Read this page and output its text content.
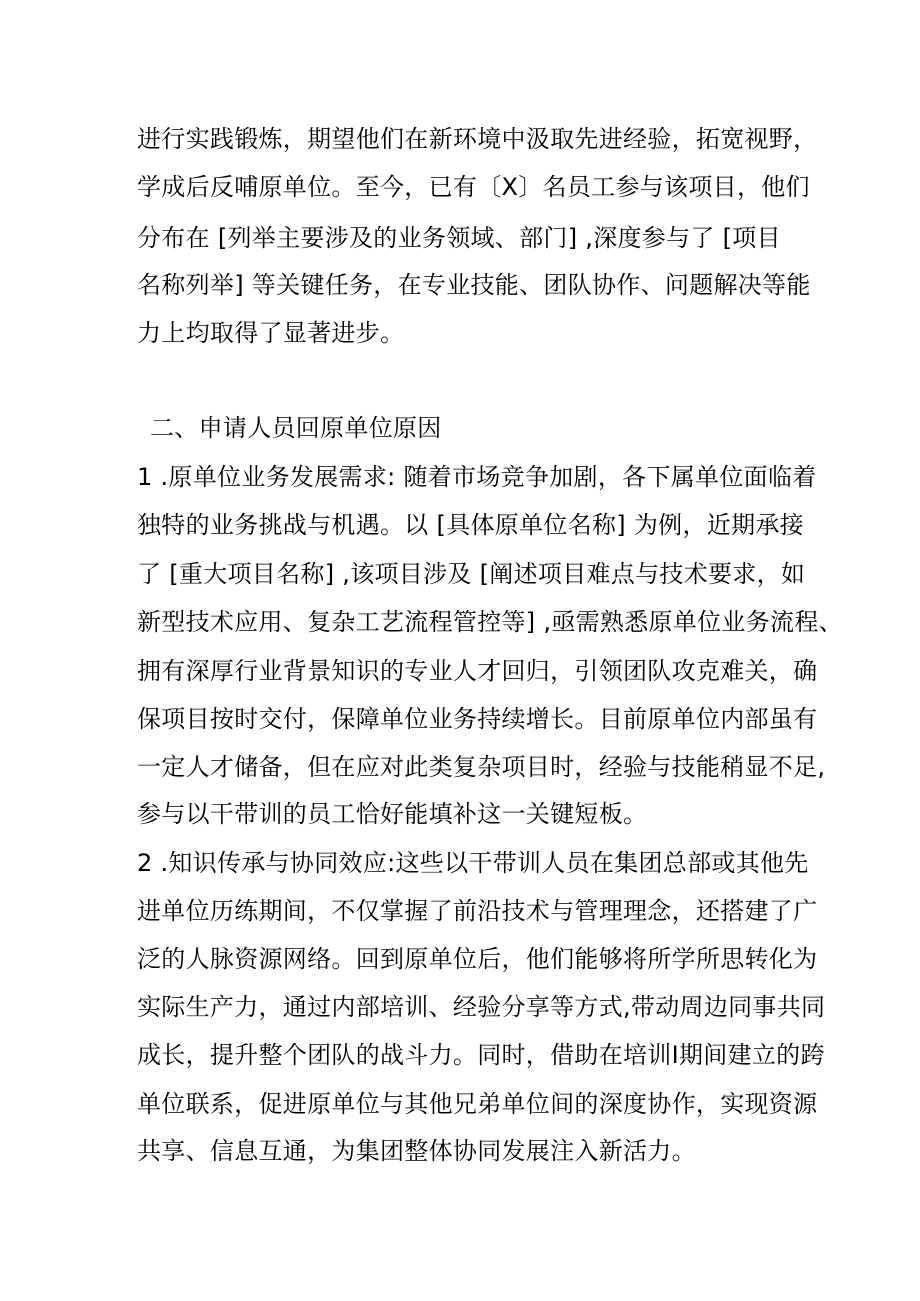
进行实践锻炼，期望他们在新环境中汲取先进经验，拓宽视野，
学成后反哺原单位。至今，已有〔X〕名员工参与该项目，他们
分布在 [列举主要涉及的业务领域、部门] ,深度参与了 [项目
名称列举] 等关键任务，在专业技能、团队协作、问题解决等能
力上均取得了显著进步。
二、申请人员回原单位原因
1 .原单位业务发展需求: 随着市场竞争加剧，各下属单位面临着
独特的业务挑战与机遇。以 [具体原单位名称] 为例，近期承接
了 [重大项目名称] ,该项目涉及 [阐述项目难点与技术要求，如
新型技术应用、复杂工艺流程管控等] ,亟需熟悉原单位业务流程、
拥有深厚行业背景知识的专业人才回归，引领团队攻克难关，确
保项目按时交付，保障单位业务持续增长。目前原单位内部虽有
一定人才储备，但在应对此类复杂项目时，经验与技能稍显不足,
参与以干带训的员工恰好能填补这一关键短板。
2 .知识传承与协同效应:这些以干带训人员在集团总部或其他先
进单位历练期间，不仅掌握了前沿技术与管理理念，还搭建了广
泛的人脉资源网络。回到原单位后，他们能够将所学所思转化为
实际生产力，通过内部培训、经验分享等方式,带动周边同事共同
成长，提升整个团队的战斗力。同时，借助在培训I期间建立的跨
单位联系，促进原单位与其他兄弟单位间的深度协作，实现资源
共享、信息互通，为集团整体协同发展注入新活力。
